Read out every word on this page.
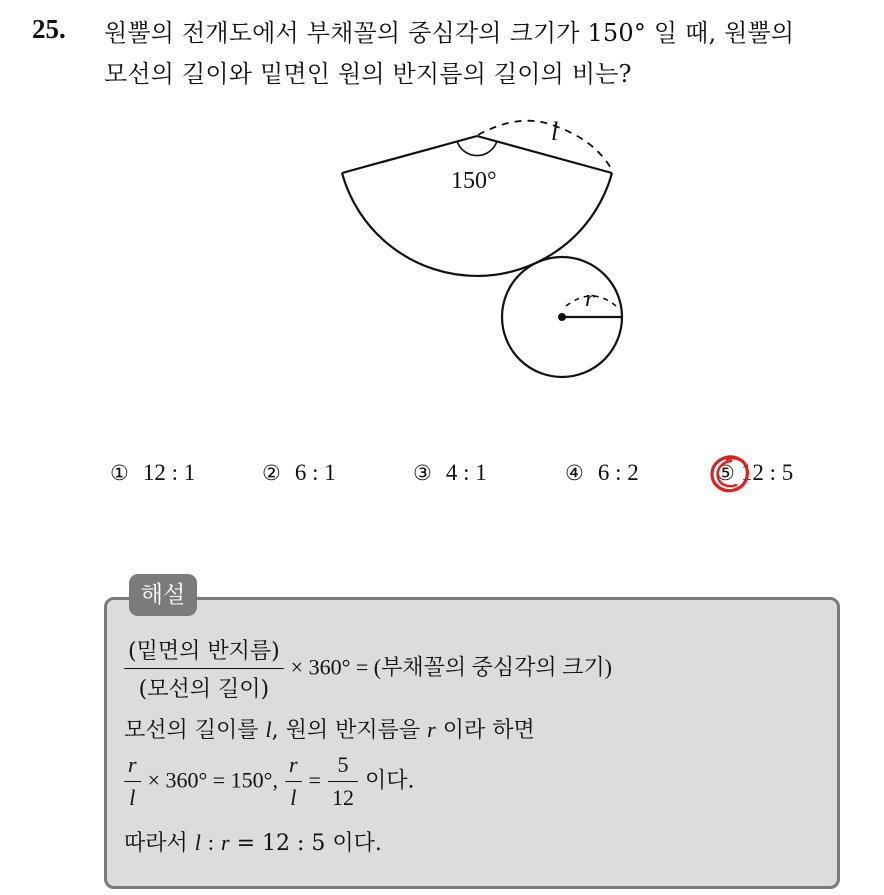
25. 원뿔의 전개도에서 부채꼴의 중심각의 크기가 150° 일 때, 원뿔의
모선의 길이와 밑면인 원의 반지름의 길이의 비는?
150°
l
r
① 12 : 1	② 6 : 1	③ 4 : 1	④ 6 : 2	⑤ 12 : 5
해설
$\frac{\text{(밑면의 반지름)}}{\text{(모선의 길이)}} \times 360^\circ$ = (부채꼴의 중심각의 크기)
모선의 길이를 l, 원의 반지름을 r 이라 하면
$\frac{r}{l} \times 360^\circ = 150^\circ$, $\frac{r}{l} = \frac{5}{12}$ 이다.
따라서 l : r = 12 : 5 이다.
